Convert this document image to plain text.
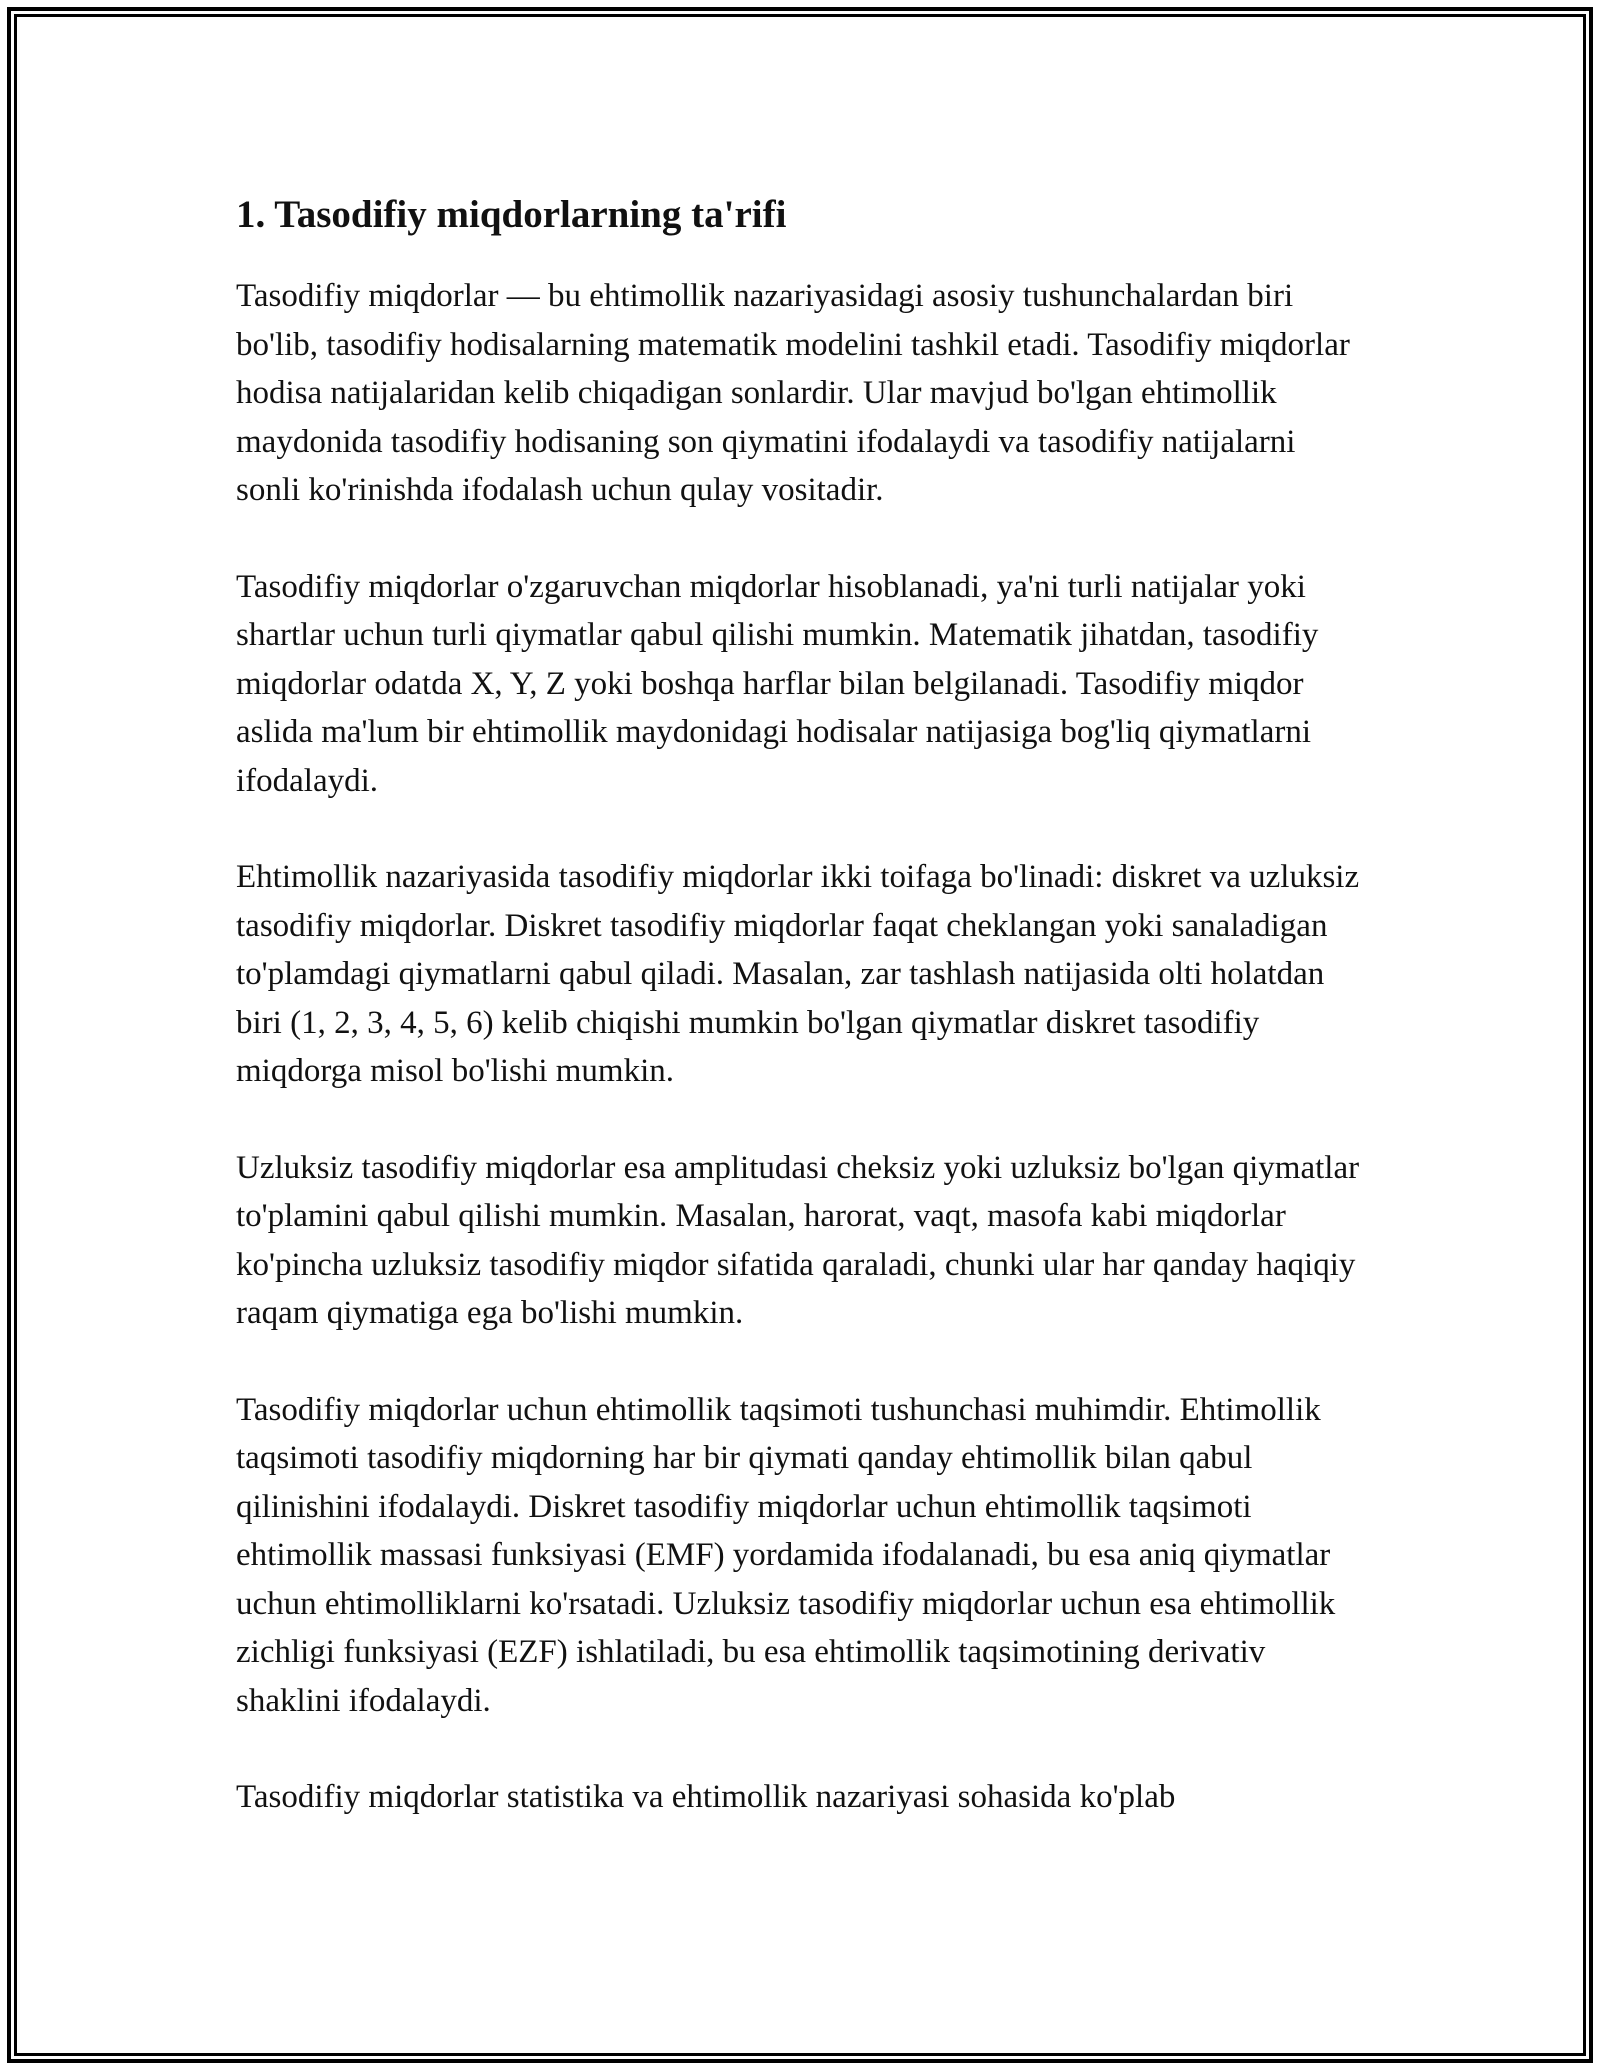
1. Tasodifiy miqdorlarning ta'rifi

Tasodifiy miqdorlar — bu ehtimollik nazariyasidagi asosiy tushunchalardan biri bo'lib, tasodifiy hodisalarning matematik modelini tashkil etadi. Tasodifiy miqdorlar hodisa natijalaridan kelib chiqadigan sonlardir. Ular mavjud bo'lgan ehtimollik maydonida tasodifiy hodisaning son qiymatini ifodalaydi va tasodifiy natijalarni sonli ko'rinishda ifodalash uchun qulay vositadir.

Tasodifiy miqdorlar o'zgaruvchan miqdorlar hisoblanadi, ya'ni turli natijalar yoki shartlar uchun turli qiymatlar qabul qilishi mumkin. Matematik jihatdan, tasodifiy miqdorlar odatda X, Y, Z yoki boshqa harflar bilan belgilanadi. Tasodifiy miqdor aslida ma'lum bir ehtimollik maydonidagi hodisalar natijasiga bog'liq qiymatlarni ifodalaydi.

Ehtimollik nazariyasida tasodifiy miqdorlar ikki toifaga bo'linadi: diskret va uzluksiz tasodifiy miqdorlar. Diskret tasodifiy miqdorlar faqat cheklangan yoki sanaladigan to'plamdagi qiymatlarni qabul qiladi. Masalan, zar tashlash natijasida olti holatdan biri (1, 2, 3, 4, 5, 6) kelib chiqishi mumkin bo'lgan qiymatlar diskret tasodifiy miqdorga misol bo'lishi mumkin.

Uzluksiz tasodifiy miqdorlar esa amplitudasi cheksiz yoki uzluksiz bo'lgan qiymatlar to'plamini qabul qilishi mumkin. Masalan, harorat, vaqt, masofa kabi miqdorlar ko'pincha uzluksiz tasodifiy miqdor sifatida qaraladi, chunki ular har qanday haqiqiy raqam qiymatiga ega bo'lishi mumkin.

Tasodifiy miqdorlar uchun ehtimollik taqsimoti tushunchasi muhimdir. Ehtimollik taqsimoti tasodifiy miqdorning har bir qiymati qanday ehtimollik bilan qabul qilinishini ifodalaydi. Diskret tasodifiy miqdorlar uchun ehtimollik taqsimoti ehtimollik massasi funksiyasi (EMF) yordamida ifodalanadi, bu esa aniq qiymatlar uchun ehtimolliklarni ko'rsatadi. Uzluksiz tasodifiy miqdorlar uchun esa ehtimollik zichligi funksiyasi (EZF) ishlatiladi, bu esa ehtimollik taqsimotining derivativ shaklini ifodalaydi.

Tasodifiy miqdorlar statistika va ehtimollik nazariyasi sohasida ko'plab
